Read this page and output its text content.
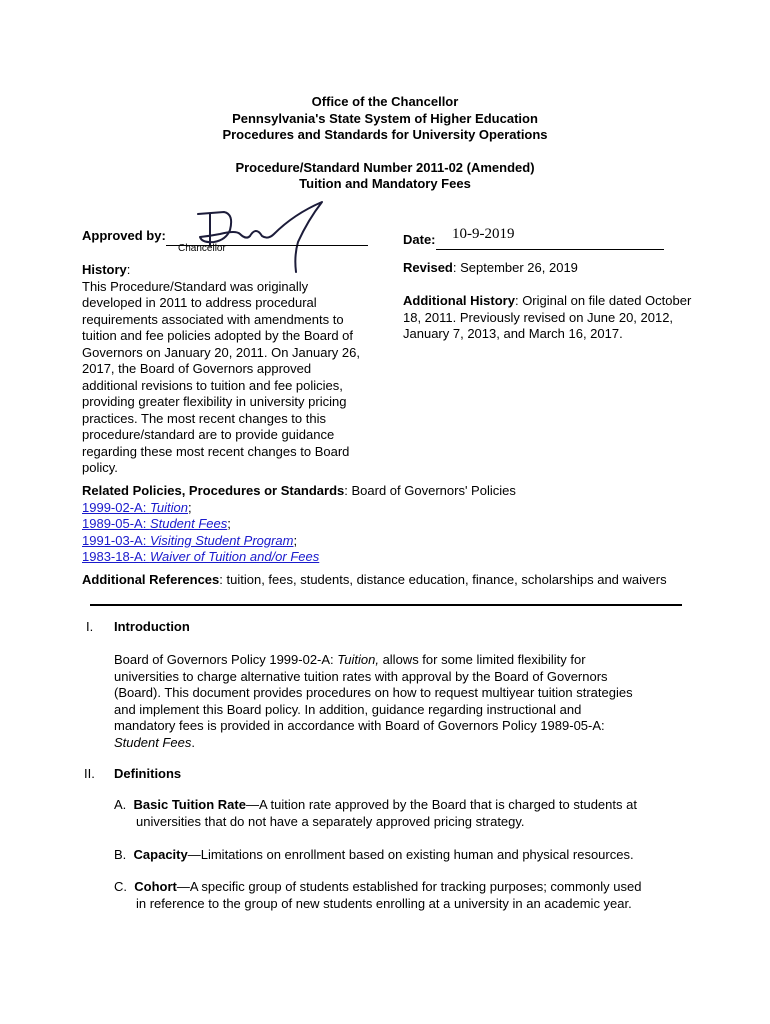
Office of the Chancellor
Pennsylvania's State System of Higher Education
Procedures and Standards for University Operations
Procedure/Standard Number 2011-02 (Amended)
Tuition and Mandatory Fees
Approved by:
Chancellor
Date:	10-9-2019
History:
This Procedure/Standard was originally
developed in 2011 to address procedural
requirements associated with amendments to
tuition and fee policies adopted by the Board of
Governors on January 20, 2011. On January 26,
2017, the Board of Governors approved
additional revisions to tuition and fee policies,
providing greater flexibility in university pricing
practices. The most recent changes to this
procedure/standard are to provide guidance
regarding these most recent changes to Board
policy.
Revised: September 26, 2019
Additional History: Original on file dated October
18, 2011. Previously revised on June 20, 2012,
January 7, 2013, and March 16, 2017.
Related Policies, Procedures or Standards: Board of Governors' Policies
1999-02-A: Tuition;
1989-05-A: Student Fees;
1991-03-A: Visiting Student Program;
1983-18-A: Waiver of Tuition and/or Fees
Additional References: tuition, fees, students, distance education, finance, scholarships and waivers
I. Introduction
Board of Governors Policy 1999-02-A: Tuition, allows for some limited flexibility for
universities to charge alternative tuition rates with approval by the Board of Governors
(Board). This document provides procedures on how to request multiyear tuition strategies
and implement this Board policy. In addition, guidance regarding instructional and
mandatory fees is provided in accordance with Board of Governors Policy 1989-05-A:
Student Fees.
II. Definitions
A. Basic Tuition Rate—A tuition rate approved by the Board that is charged to students at
universities that do not have a separately approved pricing strategy.
B. Capacity—Limitations on enrollment based on existing human and physical resources.
C. Cohort—A specific group of students established for tracking purposes; commonly used
in reference to the group of new students enrolling at a university in an academic year.
